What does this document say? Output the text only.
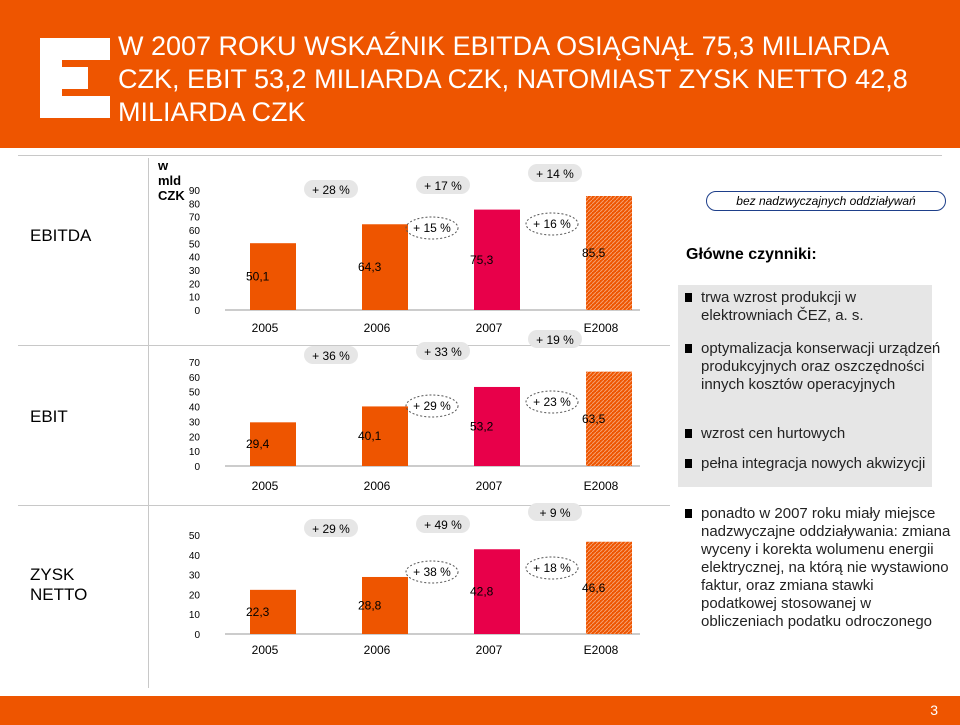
W 2007 ROKU WSKAŹNIK EBITDA OSIĄGNĄŁ 75,3 MILIARDA CZK, EBIT 53,2 MILIARDA CZK, NATOMIAST ZYSK NETTO 42,8 MILIARDA CZK
EBITDA
EBIT
ZYSK NETTO
w mld CZK 90
80
70
60
50
40
30
20
10
0
50,1
2005
64,3
2006
75,3
2007
85,5
E2008
+ 28 %	+ 17 %
+ 14 %
+ 15 %	+ 16 %
70
60
50
40
30
20
10
0
29,4
2005
40,1
2006
53,2
2007
63,5
E2008
+ 36 %	+ 33 %
+ 19 %
+ 29 %	+ 23 %
50
40
30
20
10
0
22,3
2005
28,8
2006
42,8
2007
46,6
E2008
+ 29 %	+ 49 %
+ 9 %
+ 38 %	+ 18 %
bez nadzwyczajnych oddziaływań
Główne czynniki:
trwa wzrost produkcji w elektrowniach ČEZ, a. s.
optymalizacja konserwacji urządzeń produkcyjnych oraz oszczędności innych kosztów operacyjnych
wzrost cen hurtowych
pełna integracja nowych akwizycji
ponadto w 2007 roku miały miejsce nadzwyczajne oddziaływania: zmiana wyceny i korekta wolumenu energii elektrycznej, na którą nie wystawiono faktur, oraz zmiana stawki podatkowej stosowanej w obliczeniach podatku odroczonego
3
